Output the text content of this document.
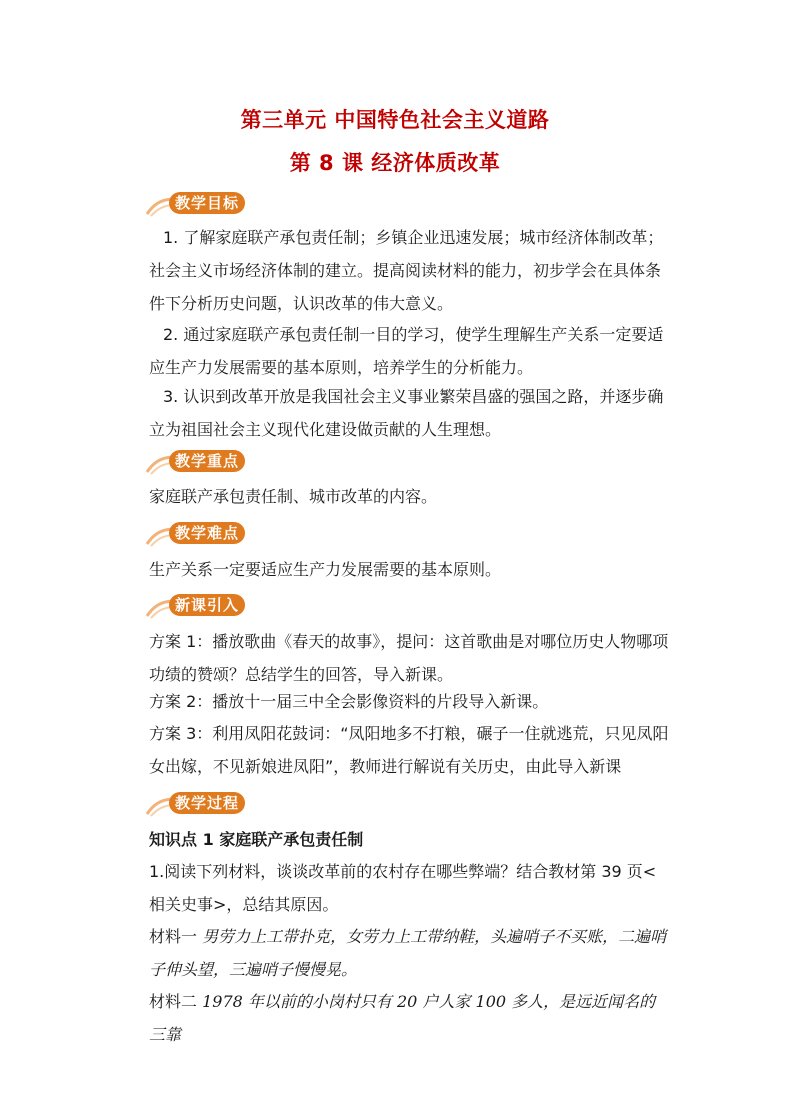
第三单元 中国特色社会主义道路
第 8 课 经济体质改革
教学目标

1. 了解家庭联产承包责任制；乡镇企业迅速发展；城市经济体制改革；社会主义市场经济体制的建立。提高阅读材料的能力，初步学会在具体条件下分析历史问题，认识改革的伟大意义。

2. 通过家庭联产承包责任制一目的学习，使学生理解生产关系一定要适应生产力发展需要的基本原则，培养学生的分析能力。

3. 认识到改革开放是我国社会主义事业繁荣昌盛的强国之路，并逐步确立为祖国社会主义现代化建设做贡献的人生理想。

教学重点

家庭联产承包责任制、城市改革的内容。

教学难点

生产关系一定要适应生产力发展需要的基本原则。

新课引入

方案 1：播放歌曲《春天的故事》，提问：这首歌曲是对哪位历史人物哪项功绩的赞颂？总结学生的回答，导入新课。

方案 2：播放十一届三中全会影像资料的片段导入新课。

方案 3：利用凤阳花鼓词：“凤阳地多不打粮，碾子一住就逃荒，只见凤阳女出嫁，不见新娘进凤阳”，教师进行解说有关历史，由此导入新课

教学过程

知识点 1 家庭联产承包责任制

1.阅读下列材料，谈谈改革前的农村存在哪些弊端？结合教材第 39 页<相关史事>，总结其原因。

材料一 男劳力上工带扑克，女劳力上工带纳鞋，头遍哨子不买账，二遍哨子伸头望，三遍哨子慢慢晃。

材料二 1978 年以前的小岗村只有 20 户人家 100 多人，是远近闻名的三靠
